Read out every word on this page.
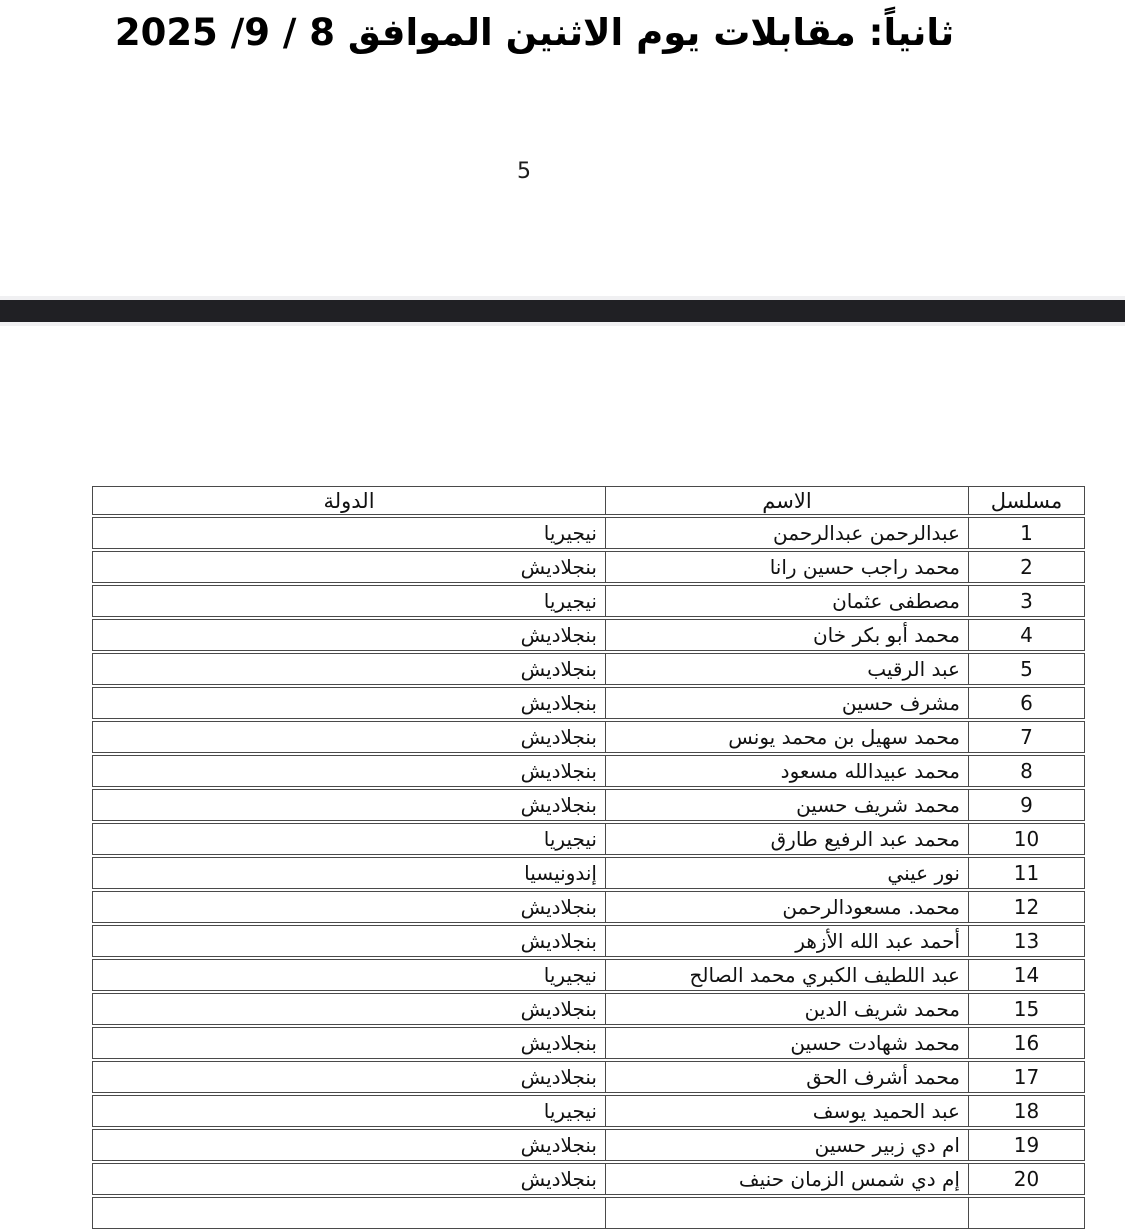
ثانياً: مقابلات يوم الاثنين الموافق 8 / 9/ 2025
5
مسلسل	الاسم	الدولة
1	عبدالرحمن عبدالرحمن	نيجيريا
2	محمد راجب حسين رانا	بنجلاديش
3	مصطفى عثمان	نيجيريا
4	محمد أبو بكر خان	بنجلاديش
5	عبد الرقيب	بنجلاديش
6	مشرف حسين	بنجلاديش
7	محمد سهيل بن محمد يونس	بنجلاديش
8	محمد عبيدالله مسعود	بنجلاديش
9	محمد شريف حسين	بنجلاديش
10	محمد عبد الرفيع طارق	نيجيريا
11	نور عيني	إندونيسيا
12	محمد. مسعودالرحمن	بنجلاديش
13	أحمد عبد الله الأزهر	بنجلاديش
14	عبد اللطيف الكبري محمد الصالح	نيجيريا
15	محمد شريف الدين	بنجلاديش
16	محمد شهادت حسين	بنجلاديش
17	محمد أشرف الحق	بنجلاديش
18	عبد الحميد يوسف	نيجيريا
19	ام دي زبير حسين	بنجلاديش
20	إم دي شمس الزمان حنيف	بنجلاديش
